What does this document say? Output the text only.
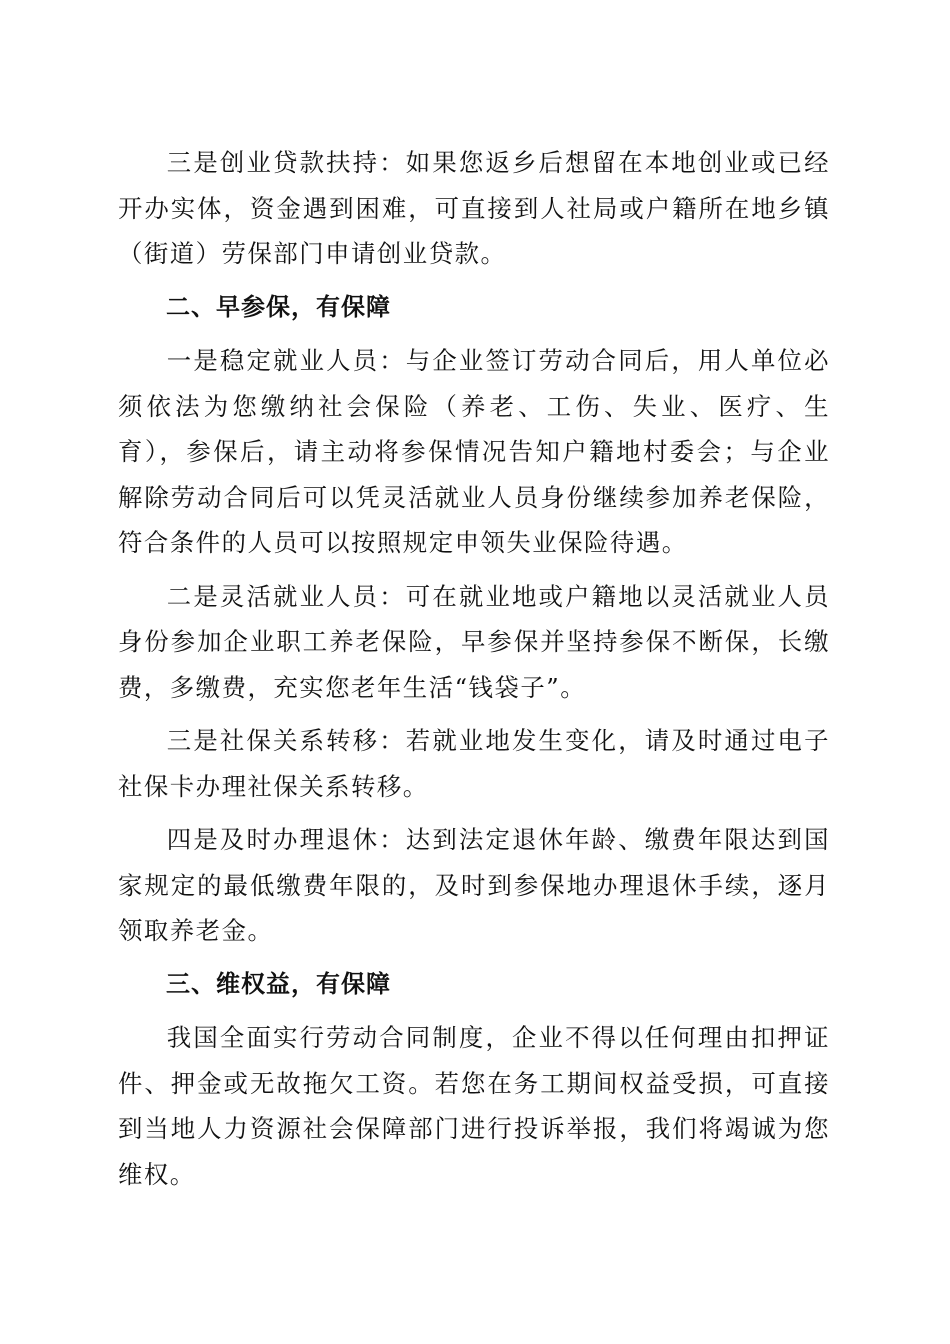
三是创业贷款扶持：如果您返乡后想留在本地创业或已经开办实体，资金遇到困难，可直接到人社局或户籍所在地乡镇（街道）劳保部门申请创业贷款。

二、早参保，有保障

一是稳定就业人员：与企业签订劳动合同后，用人单位必须依法为您缴纳社会保险（养老、工伤、失业、医疗、生育），参保后，请主动将参保情况告知户籍地村委会；与企业解除劳动合同后可以凭灵活就业人员身份继续参加养老保险，符合条件的人员可以按照规定申领失业保险待遇。

二是灵活就业人员：可在就业地或户籍地以灵活就业人员身份参加企业职工养老保险，早参保并坚持参保不断保，长缴费，多缴费，充实您老年生活“钱袋子”。

三是社保关系转移：若就业地发生变化，请及时通过电子社保卡办理社保关系转移。

四是及时办理退休：达到法定退休年龄、缴费年限达到国家规定的最低缴费年限的，及时到参保地办理退休手续，逐月领取养老金。

三、维权益，有保障

我国全面实行劳动合同制度，企业不得以任何理由扣押证件、押金或无故拖欠工资。若您在务工期间权益受损，可直接到当地人力资源社会保障部门进行投诉举报，我们将竭诚为您维权。
